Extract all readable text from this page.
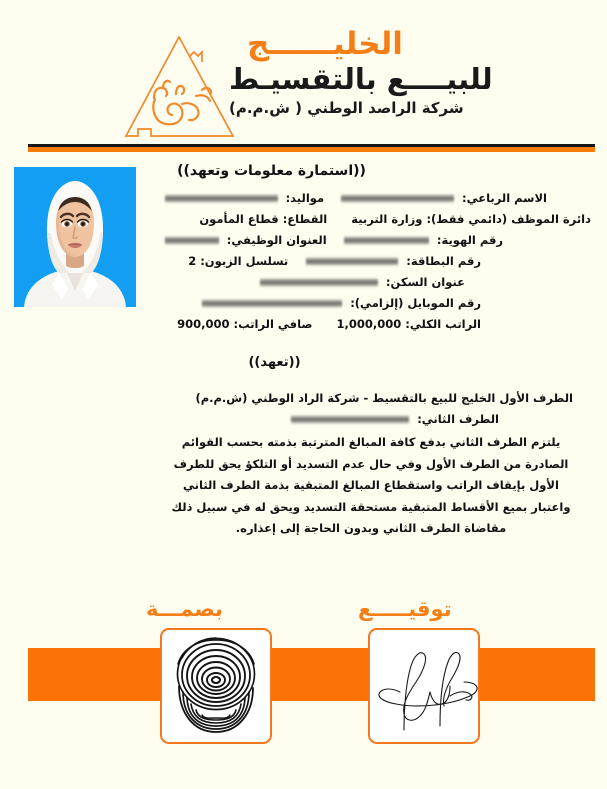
الخليــــــج

للبيــــع بالتقسيـط

شركة الراصد الوطني ( ش.م.م)

((استمارة معلومات وتعهد))
الاسم الرباعي:
مواليد:
دائرة الموظف (دائمي فقط):
وزارة التربية
القطاع:
قطاع المأمون
رقم الهوية:
العنوان الوظيفي:
رقم البطاقة:
تسلسل الزبون:
2
عنوان السكن:
رقم الموبايل (إلزامي):
الراتب الكلي:
1,000,000
صافي الراتب:
900,000
((تعهد))
الطرف الأول الخليج للبيع بالتقسيط - شركة الراد الوطني (ش.م.م)
الطرف الثاني:
يلتزم الطرف الثاني بدفع كافة المبالغ المترتبة بذمته بحسب القوائم الصادرة من الطرف الأول وفي حال عدم التسديد أو التلكؤ يحق للطرف الأول بإيقاف الراتب واستقطاع المبالغ المتبقية بذمة الطرف الثاني واعتبار بميع الأقساط المتبقية مستحقة التسديد ويحق له في سبيل ذلك مقاضاة الطرف الثاني وبدون الحاجة إلى إعذاره.
توقيـــــع
بصمـــة
